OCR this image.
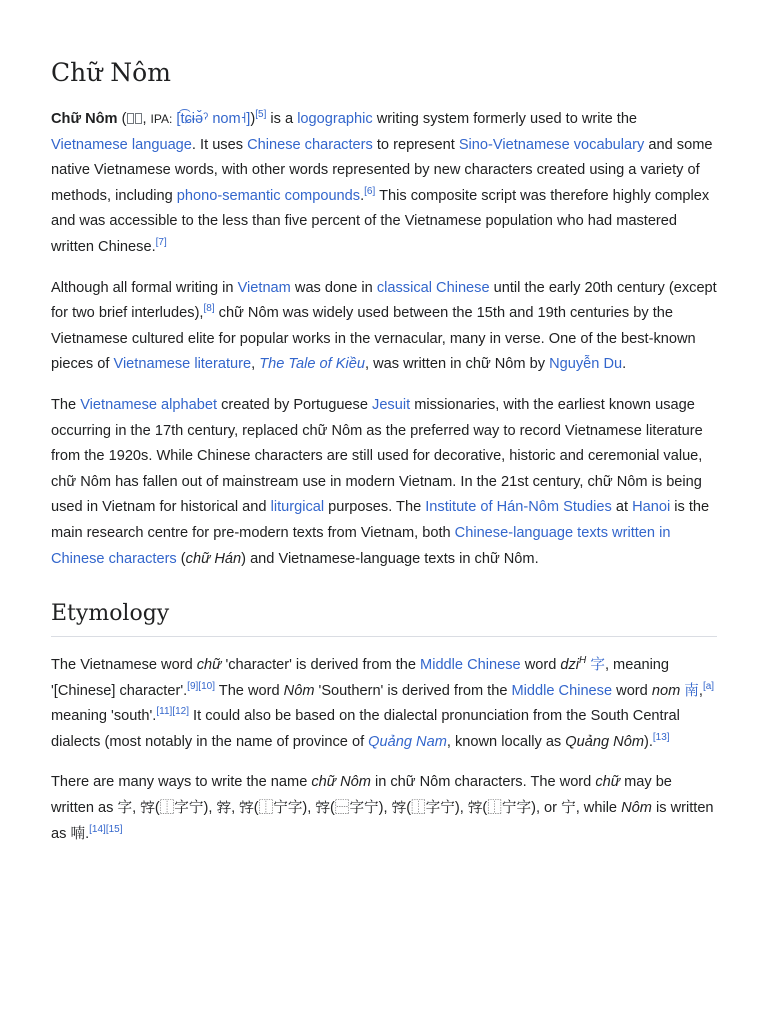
Chữ Nôm

Chữ Nôm ( , IPA: [t͡ɕɨə̌ˀ nom˧])[5] is a logographic writing system formerly used to write the Vietnamese language. It uses Chinese characters to represent Sino-Vietnamese vocabulary and some native Vietnamese words, with other words represented by new characters created using a variety of methods, including phono-semantic compounds.[6] This composite script was therefore highly complex and was accessible to the less than five percent of the Vietnamese population who had mastered written Chinese.[7]

Although all formal writing in Vietnam was done in classical Chinese until the early 20th century (except for two brief interludes),[8] chữ Nôm was widely used between the 15th and 19th centuries by the Vietnamese cultured elite for popular works in the vernacular, many in verse. One of the best-known pieces of Vietnamese literature, The Tale of Kiều, was written in chữ Nôm by Nguyễn Du.

The Vietnamese alphabet created by Portuguese Jesuit missionaries, with the earliest known usage occurring in the 17th century, replaced chữ Nôm as the preferred way to record Vietnamese literature from the 1920s. While Chinese characters are still used for decorative, historic and ceremonial value, chữ Nôm has fallen out of mainstream use in modern Vietnam. In the 21st century, chữ Nôm is being used in Vietnam for historical and liturgical purposes. The Institute of Hán-Nôm Studies at Hanoi is the main research centre for pre-modern texts from Vietnam, both Chinese-language texts written in Chinese characters (chữ Hán) and Vietnamese-language texts in chữ Nôm.

Etymology

The Vietnamese word chữ 'character' is derived from the Middle Chinese word dzi$^H$ 字, meaning '[Chinese] character'.[9][10] The word Nôm 'Southern' is derived from the Middle Chinese word nom 南,[a] meaning 'south'.[11][12] It could also be based on the dialectal pronunciation from the South Central dialects (most notably in the name of province of Quảng Nam, known locally as Quảng Nôm).[13]

There are many ways to write the name chữ Nôm in chữ Nôm characters. The word chữ may be written as 字, 𡨸(⿰字宁), 𡦂, 𡨸(⿰宁字), 𡨸(⿱字宁), 𡨸(⿰字宁), 𡨸(⿰宁字), or 宁, while Nôm is written as 喃.[14][15]
